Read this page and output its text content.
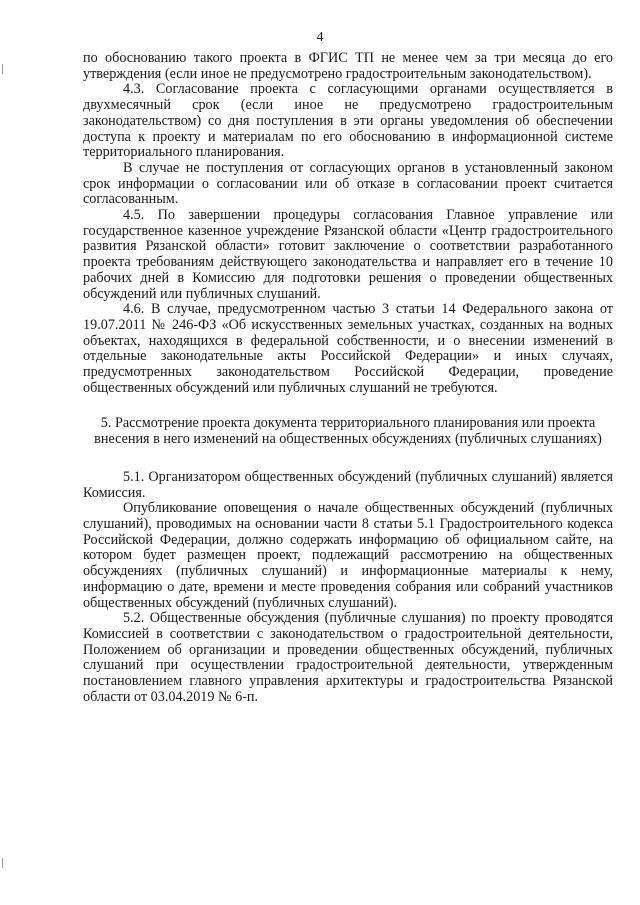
4

по обоснованию такого проекта в ФГИС ТП не менее чем за три месяца до его утверждения (если иное не предусмотрено градостроительным законодательством).

4.3. Согласование проекта с согласующими органами осуществляется в двухмесячный срок (если иное не предусмотрено градостроительным законодательством) со дня поступления в эти органы уведомления об обеспечении доступа к проекту и материалам по его обоснованию в информационной системе территориального планирования.

В случае не поступления от согласующих органов в установленный законом срок информации о согласовании или об отказе в согласовании проект считается согласованным.

4.5. По завершении процедуры согласования Главное управление или государственное казенное учреждение Рязанской области «Центр градостроительного развития Рязанской области» готовит заключение о соответствии разработанного проекта требованиям действующего законодательства и направляет его в течение 10 рабочих дней в Комиссию для подготовки решения о проведении общественных обсуждений или публичных слушаний.

4.6. В случае, предусмотренном частью 3 статьи 14 Федерального закона от 19.07.2011 № 246-ФЗ «Об искусственных земельных участках, созданных на водных объектах, находящихся в федеральной собственности, и о внесении изменений в отдельные законодательные акты Российской Федерации» и иных случаях, предусмотренных законодательством Российской Федерации, проведение общественных обсуждений или публичных слушаний не требуются.

5. Рассмотрение проекта документа территориального планирования или проекта внесения в него изменений на общественных обсуждениях (публичных слушаниях)

5.1. Организатором общественных обсуждений (публичных слушаний) является Комиссия.

Опубликование оповещения о начале общественных обсуждений (публичных слушаний), проводимых на основании части 8 статьи 5.1 Градостроительного кодекса Российской Федерации, должно содержать информацию об официальном сайте, на котором будет размещен проект, подлежащий рассмотрению на общественных обсуждениях (публичных слушаний) и информационные материалы к нему, информацию о дате, времени и месте проведения собрания или собраний участников общественных обсуждений (публичных слушаний).

5.2. Общественные обсуждения (публичные слушания) по проекту проводятся Комиссией в соответствии с законодательством о градостроительной деятельности, Положением об организации и проведении общественных обсуждений, публичных слушаний при осуществлении градостроительной деятельности, утвержденным постановлением главного управления архитектуры и градостроительства Рязанской области от 03.04.2019 № 6-п.
